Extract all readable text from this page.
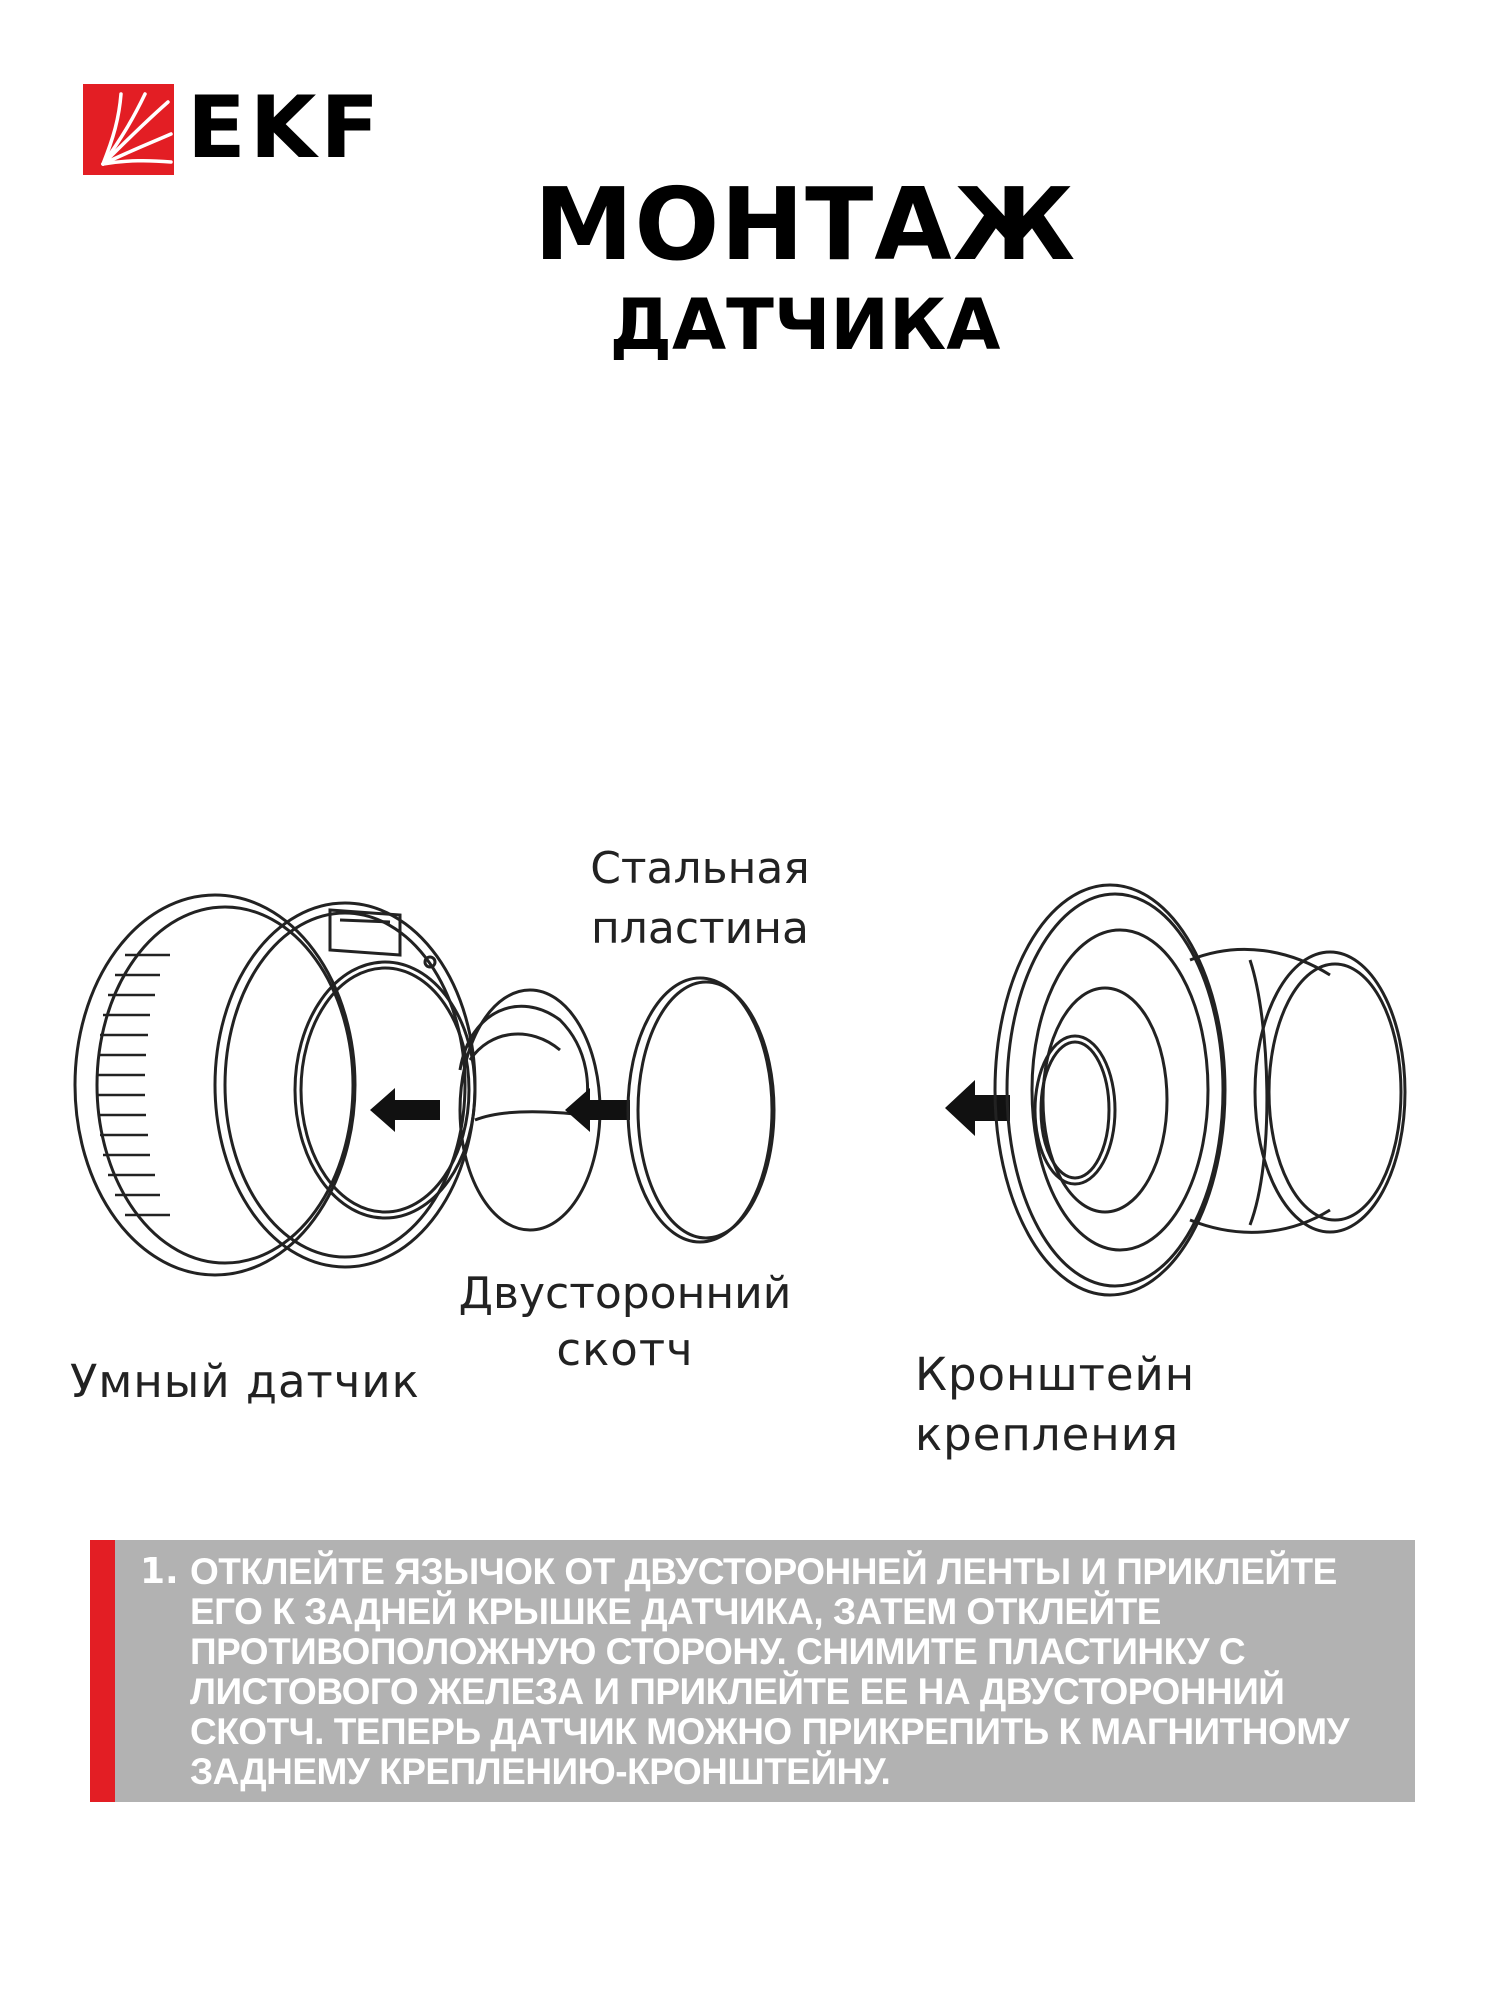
EKF
МОНТАЖ
ДАТЧИКА
Стальная
пластина
Двусторонний
скотч
Умный датчик	Кронштейн крепления
1. ОТКЛЕЙТЕ ЯЗЫЧОК ОТ ДВУСТОРОННЕЙ ЛЕНТЫ И ПРИКЛЕЙТЕ ЕГО К ЗАДНЕЙ КРЫШКЕ ДАТЧИКА, ЗАТЕМ ОТКЛЕЙТЕ ПРОТИВОПОЛОЖНУЮ СТОРОНУ. СНИМИТЕ ПЛАСТИНКУ С ЛИСТОВОГО ЖЕЛЕЗА И ПРИКЛЕЙТЕ ЕЕ НА ДВУСТОРОННИЙ СКОТЧ. ТЕПЕРЬ ДАТЧИК МОЖНО ПРИКРЕПИТЬ К МАГНИТНОМУ ЗАДНЕМУ КРЕПЛЕНИЮ-КРОНШТЕЙНУ.
